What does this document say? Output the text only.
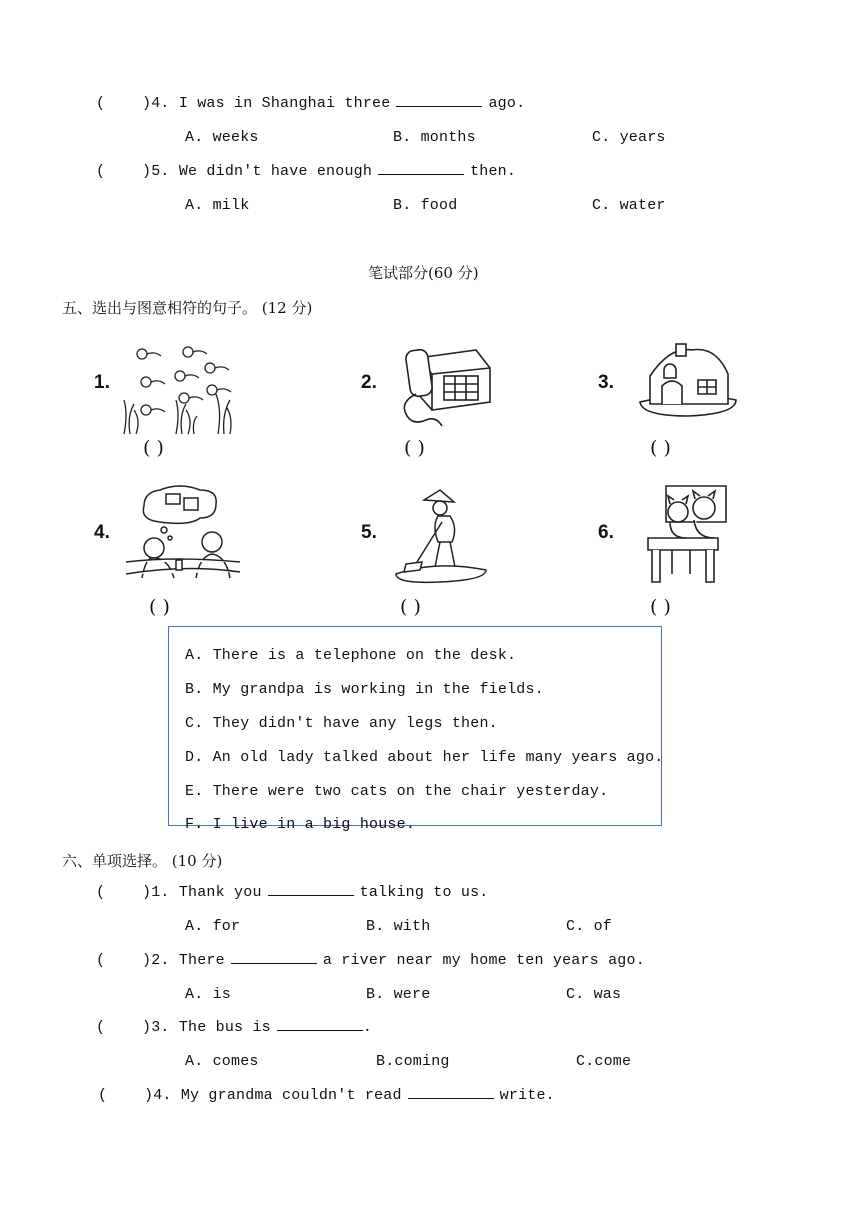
(    )4. I was in Shanghai three	ago.
A. weeks	B. months	C. years
(    )5. We didn't have enough	then.
A. milk	B. food	C. water
笔试部分(60 分)
五、选出与图意相符的句子。 (12 分)
1.	2.	3.
4.	5.	6.
( )	( )	( )
( )	( )	( )
A. There is a telephone on the desk.
B. My grandpa is working in the fields.
C. They didn't have any legs then.
D. An old lady talked about her life many years ago.
E. There were two cats on the chair yesterday.
F. I live in a big house.
六、单项选择。 (10 分)
(    )1. Thank you	talking to us.
A. for	B. with	C. of
(    )2. There	a river near my home ten years ago.
A. is	B. were	C. was
(    )3. The bus is	.
A. comes	B.coming	C.come
(    )4. My grandma couldn't read	write.
